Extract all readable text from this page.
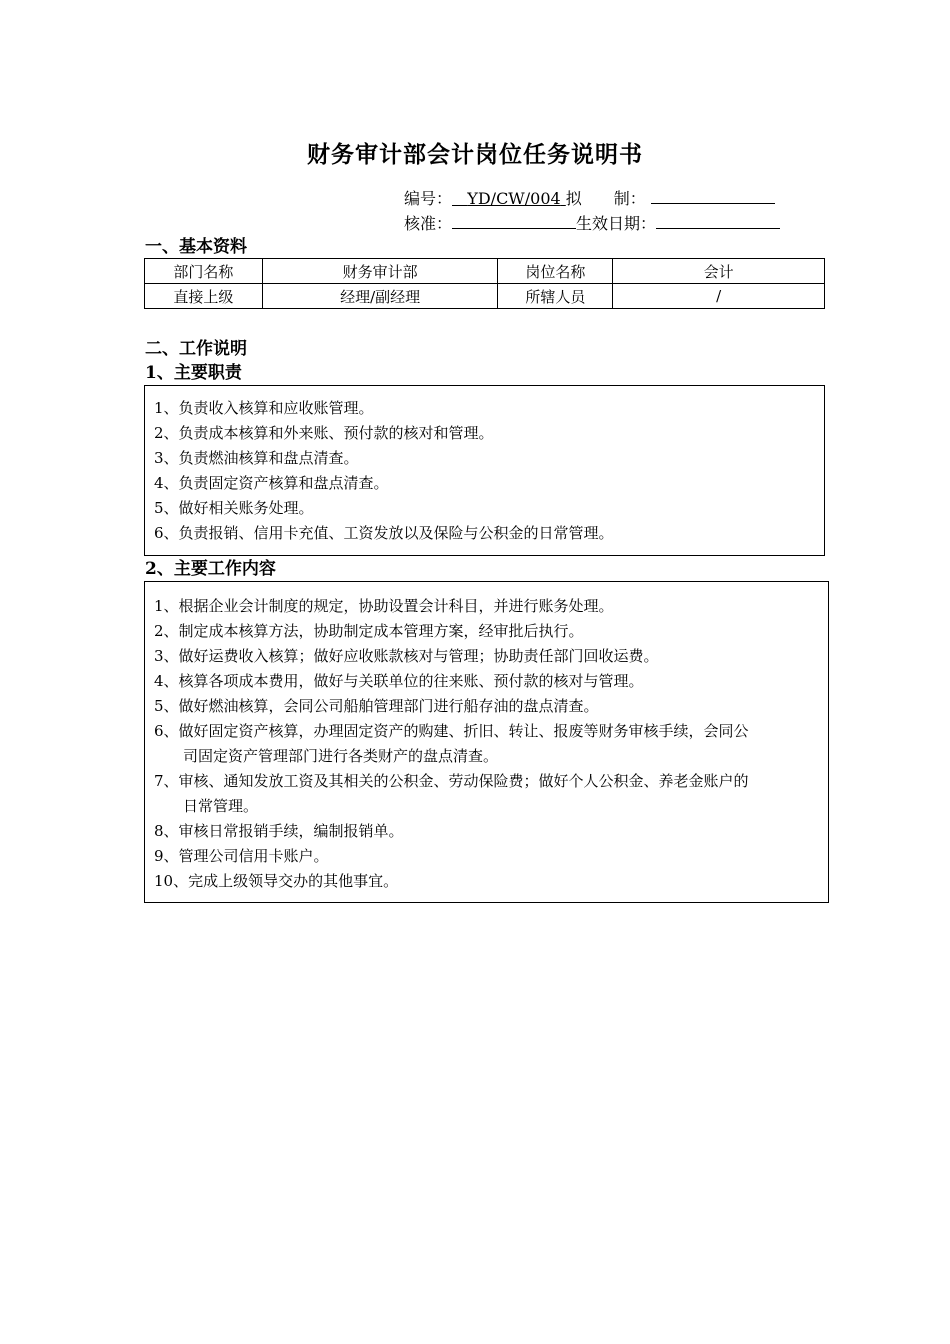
财务审计部会计岗位任务说明书
编号： YD/CW/004 拟　　制：
核准：	生效日期：
一、基本资料
部门名称	财务审计部	岗位名称	会计
直接上级	经理/副经理	所辖人员	/
二、工作说明
1、主要职责
1、负责收入核算和应收账管理。
2、负责成本核算和外来账、预付款的核对和管理。
3、负责燃油核算和盘点清查。
4、负责固定资产核算和盘点清查。
5、做好相关账务处理。
6、负责报销、信用卡充值、工资发放以及保险与公积金的日常管理。
2、主要工作内容
1、根据企业会计制度的规定，协助设置会计科目，并进行账务处理。
2、制定成本核算方法，协助制定成本管理方案，经审批后执行。
3、做好运费收入核算；做好应收账款核对与管理；协助责任部门回收运费。
4、核算各项成本费用，做好与关联单位的往来账、预付款的核对与管理。
5、做好燃油核算，会同公司船舶管理部门进行船存油的盘点清查。
6、做好固定资产核算，办理固定资产的购建、折旧、转让、报废等财务审核手续，会同公
司固定资产管理部门进行各类财产的盘点清查。
7、审核、通知发放工资及其相关的公积金、劳动保险费；做好个人公积金、养老金账户的
日常管理。
8、审核日常报销手续，编制报销单。
9、管理公司信用卡账户。
10、完成上级领导交办的其他事宜。
